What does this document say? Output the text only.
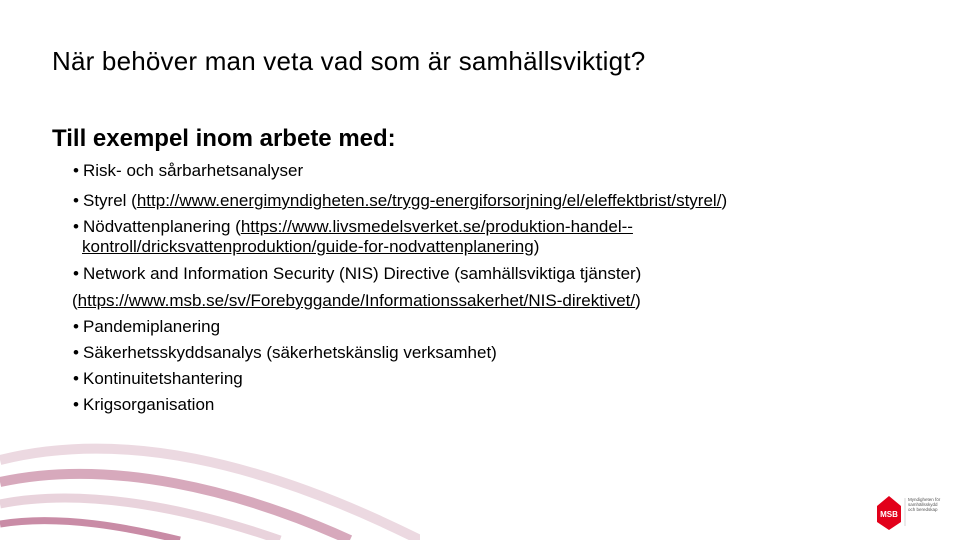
När behöver man veta vad som är samhällsviktigt?
Till exempel inom arbete med:
• Risk- och sårbarhetsanalyser
• Styrel (http://www.energimyndigheten.se/trygg-energiforsorjning/el/eleffektbrist/styrel/)
• Nödvattenplanering (https://www.livsmedelsverket.se/produktion-handel--
kontroll/dricksvattenproduktion/guide-for-nodvattenplanering)
• Network and Information Security (NIS) Directive (samhällsviktiga tjänster)
(https://www.msb.se/sv/Forebyggande/Informationssakerhet/NIS-direktivet/)
• Pandemiplanering
• Säkerhetsskyddsanalys (säkerhetskänslig verksamhet)
• Kontinuitetshantering
• Krigsorganisation
MSB
Myndigheten för samhällsskydd och beredskap
